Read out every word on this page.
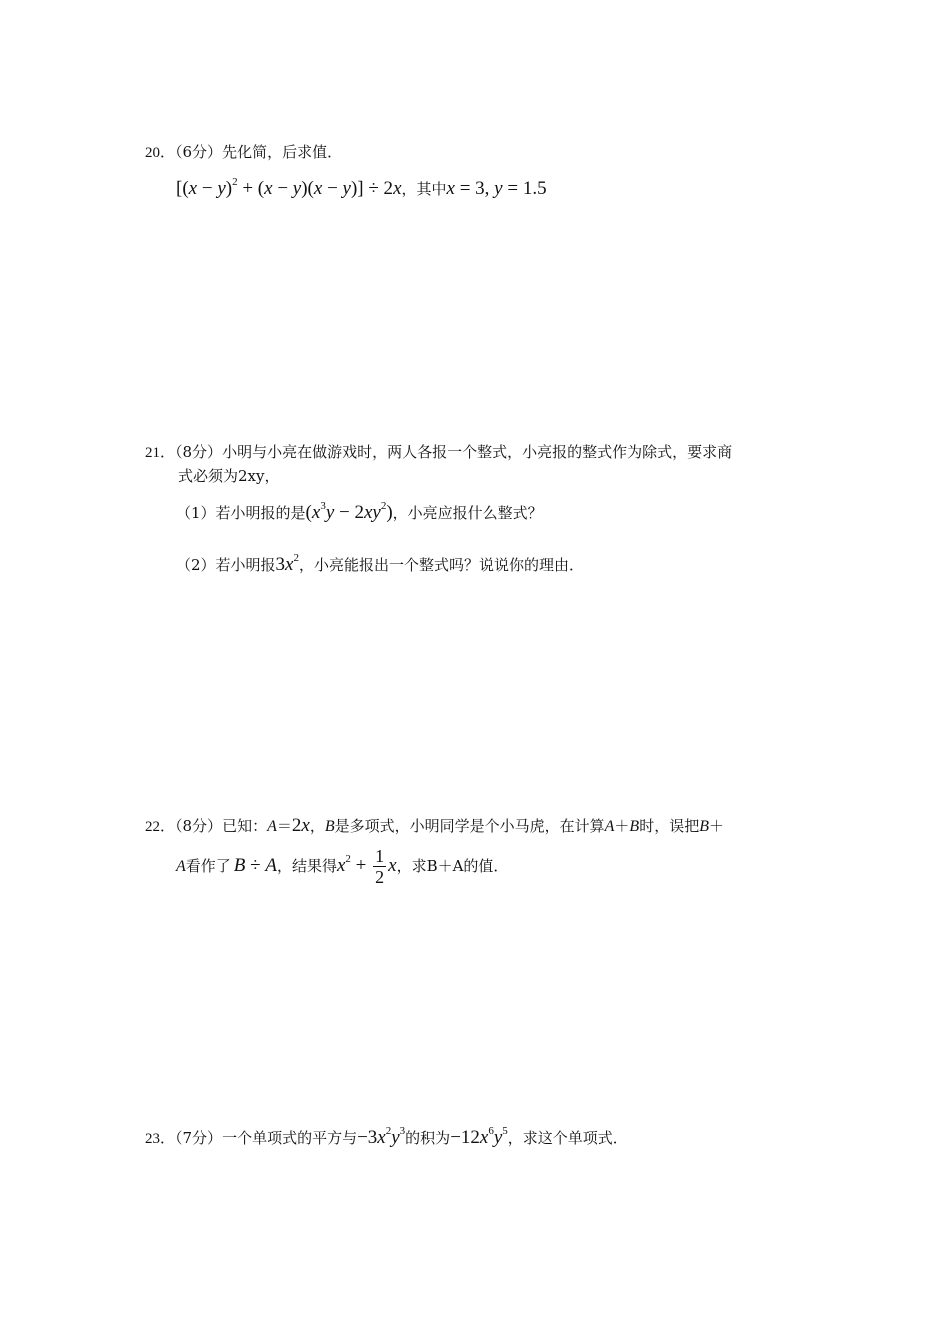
20．（6分）先化简，后求值．
$[(x - y)^2 + (x - y)(x - y)] \div 2x$，其中x = 3, y = 1.5
21．（8分）小明与小亮在做游戏时，两人各报一个整式，小亮报的整式作为除式，要求商
式必须为2xy，
（1）若小明报的是$(x^3y - 2xy^2)$，小亮应报什么整式？
（2）若小明报$3x^2$，小亮能报出一个整式吗？说说你的理由．
22．（8分）已知：A＝2x，B是多项式，小明同学是个小马虎，在计算A＋B时，误把B＋
A看作了 B ÷ A，结果得$x^2 + \frac{1}{2}$ x，求B＋A的值．
23．（7分）一个单项式的平方与$-3x^2y^3$的积为$-12x^6y^5$，求这个单项式．
